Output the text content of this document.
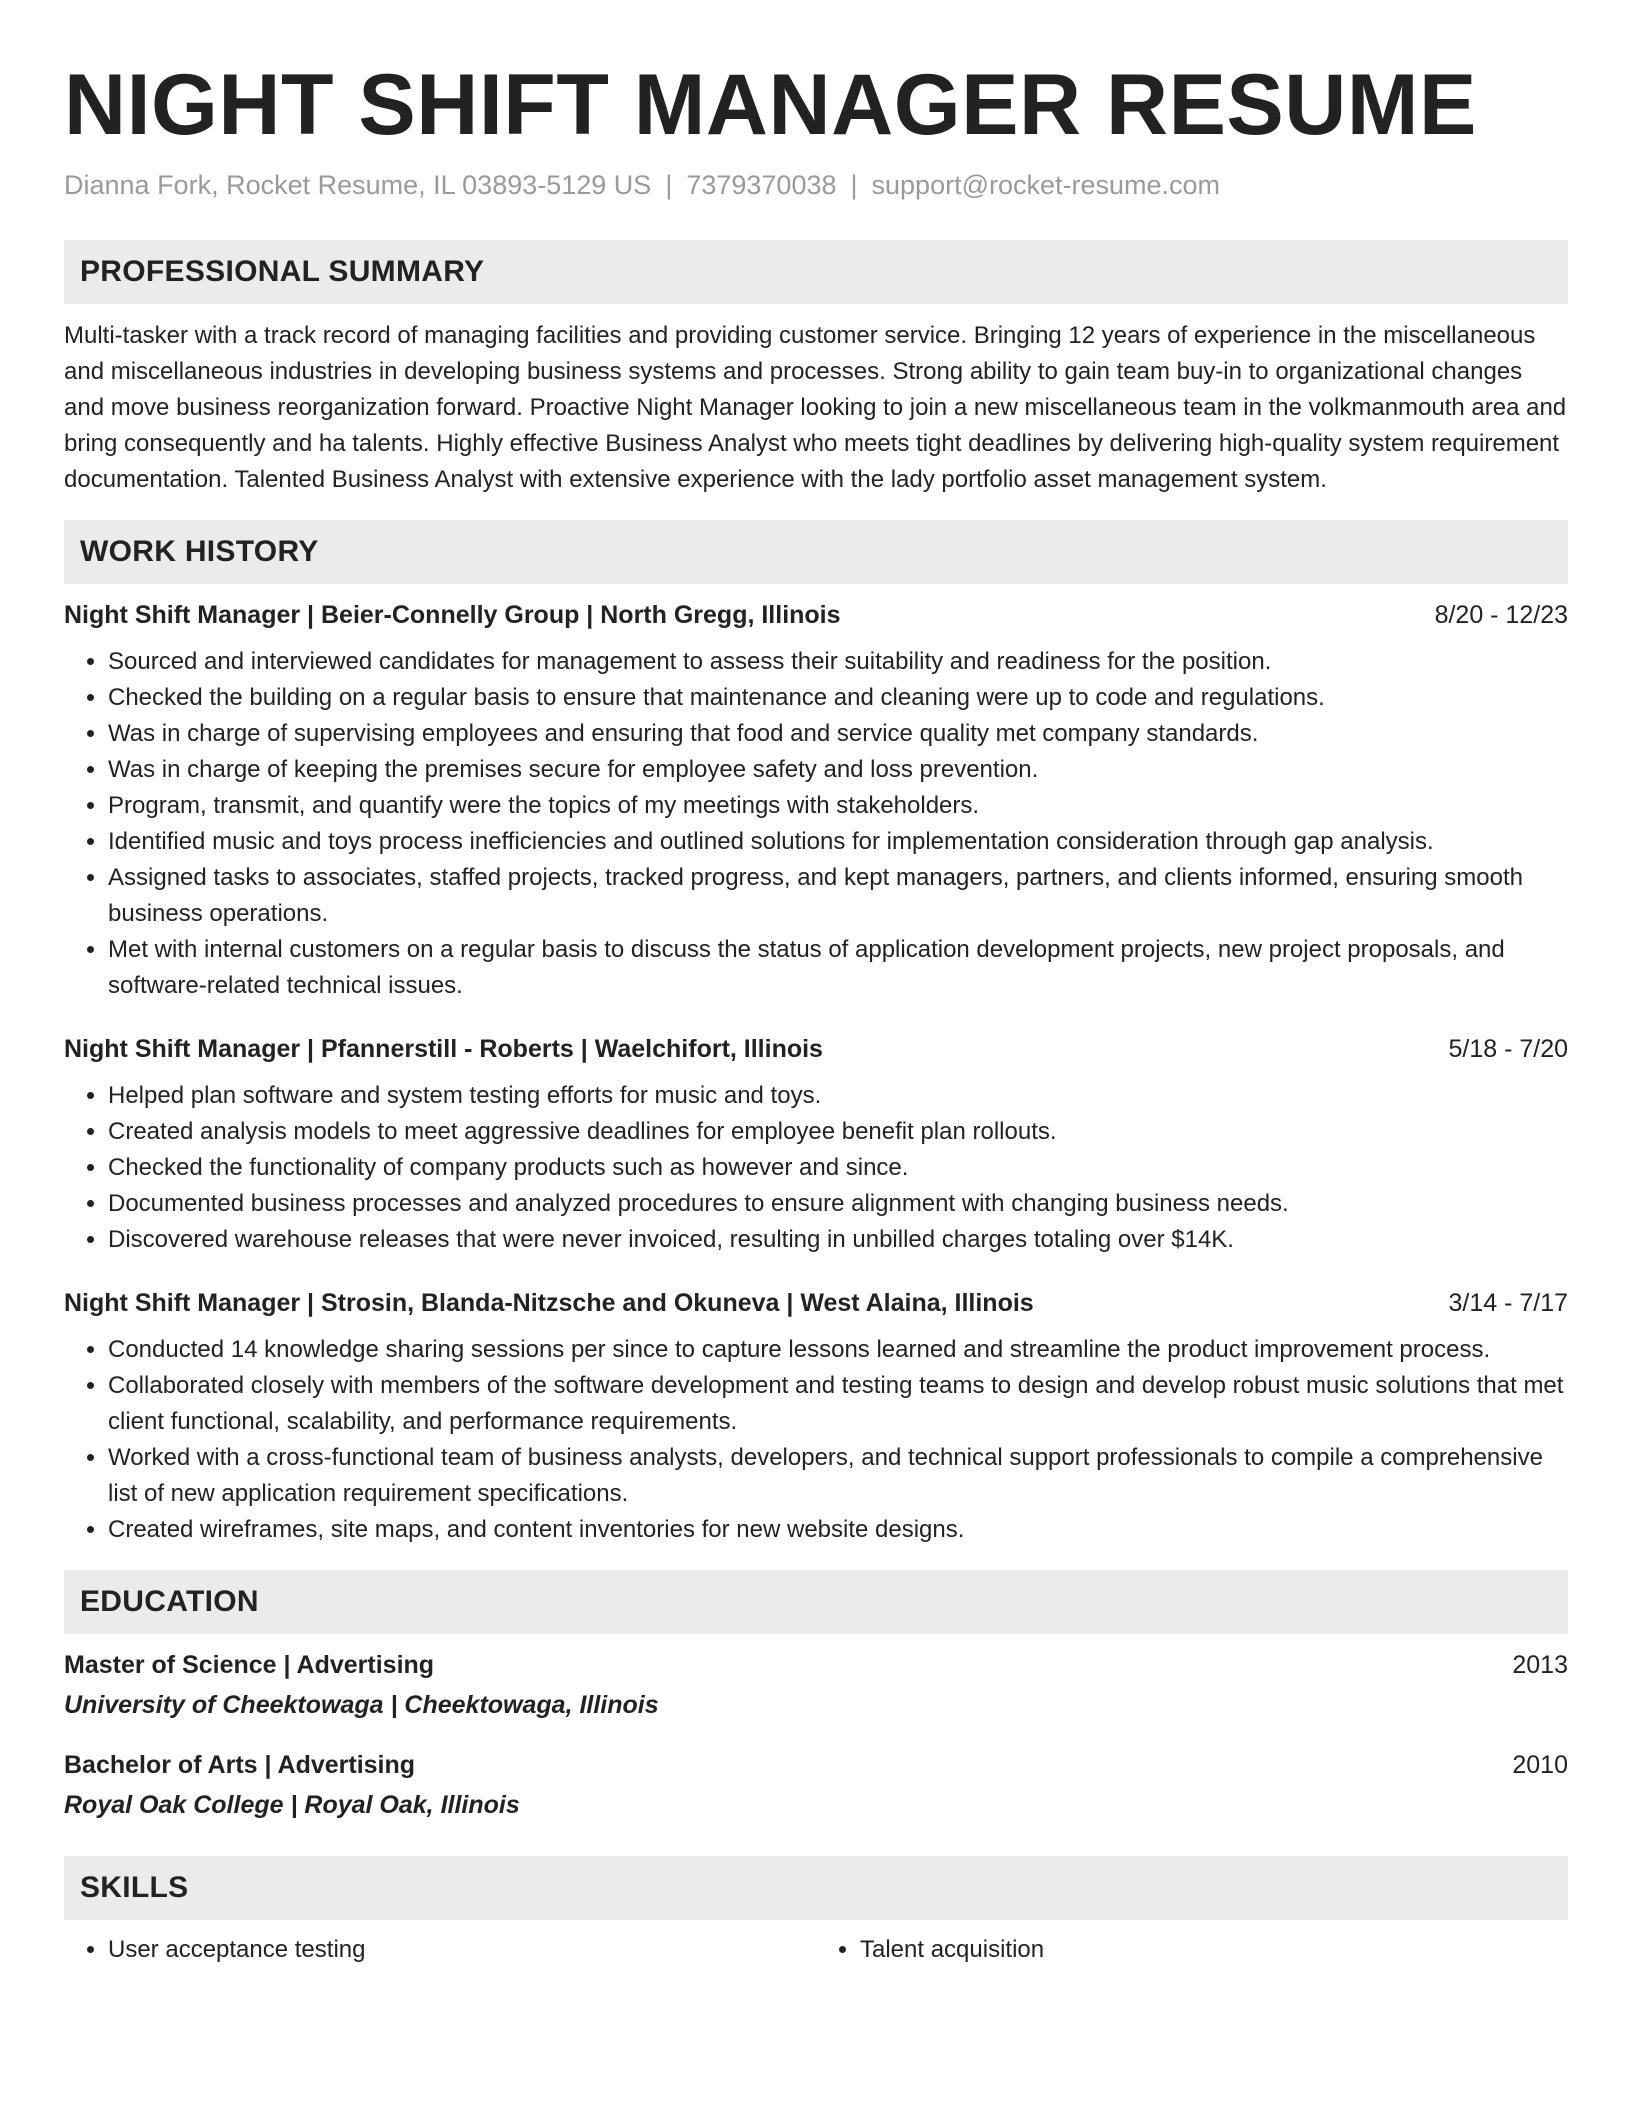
NIGHT SHIFT MANAGER RESUME
Dianna Fork, Rocket Resume, IL 03893-5129 US | 7379370038 | support@rocket-resume.com
PROFESSIONAL SUMMARY

Multi-tasker with a track record of managing facilities and providing customer service. Bringing 12 years of experience in the miscellaneous and miscellaneous industries in developing business systems and processes. Strong ability to gain team buy-in to organizational changes and move business reorganization forward. Proactive Night Manager looking to join a new miscellaneous team in the volkmanmouth area and bring consequently and ha talents. Highly effective Business Analyst who meets tight deadlines by delivering high-quality system requirement documentation. Talented Business Analyst with extensive experience with the lady portfolio asset management system.

WORK HISTORY
Night Shift Manager | Beier-Connelly Group | North Gregg, Illinois	8/20 - 12/23
• Sourced and interviewed candidates for management to assess their suitability and readiness for the position.
• Checked the building on a regular basis to ensure that maintenance and cleaning were up to code and regulations.
• Was in charge of supervising employees and ensuring that food and service quality met company standards.
• Was in charge of keeping the premises secure for employee safety and loss prevention.
• Program, transmit, and quantify were the topics of my meetings with stakeholders.
• Identified music and toys process inefficiencies and outlined solutions for implementation consideration through gap analysis.
• Assigned tasks to associates, staffed projects, tracked progress, and kept managers, partners, and clients informed, ensuring smooth business operations.
• Met with internal customers on a regular basis to discuss the status of application development projects, new project proposals, and software-related technical issues.
Night Shift Manager | Pfannerstill - Roberts | Waelchifort, Illinois	5/18 - 7/20
• Helped plan software and system testing efforts for music and toys.
• Created analysis models to meet aggressive deadlines for employee benefit plan rollouts.
• Checked the functionality of company products such as however and since.
• Documented business processes and analyzed procedures to ensure alignment with changing business needs.
• Discovered warehouse releases that were never invoiced, resulting in unbilled charges totaling over $14K.
Night Shift Manager | Strosin, Blanda-Nitzsche and Okuneva | West Alaina, Illinois	3/14 - 7/17
• Conducted 14 knowledge sharing sessions per since to capture lessons learned and streamline the product improvement process.
• Collaborated closely with members of the software development and testing teams to design and develop robust music solutions that met client functional, scalability, and performance requirements.
• Worked with a cross-functional team of business analysts, developers, and technical support professionals to compile a comprehensive list of new application requirement specifications.
• Created wireframes, site maps, and content inventories for new website designs.
EDUCATION
Master of Science | Advertising	2013
University of Cheektowaga | Cheektowaga, Illinois
Bachelor of Arts | Advertising	2010
Royal Oak College | Royal Oak, Illinois
SKILLS
• User acceptance testing
•	Talent acquisition
